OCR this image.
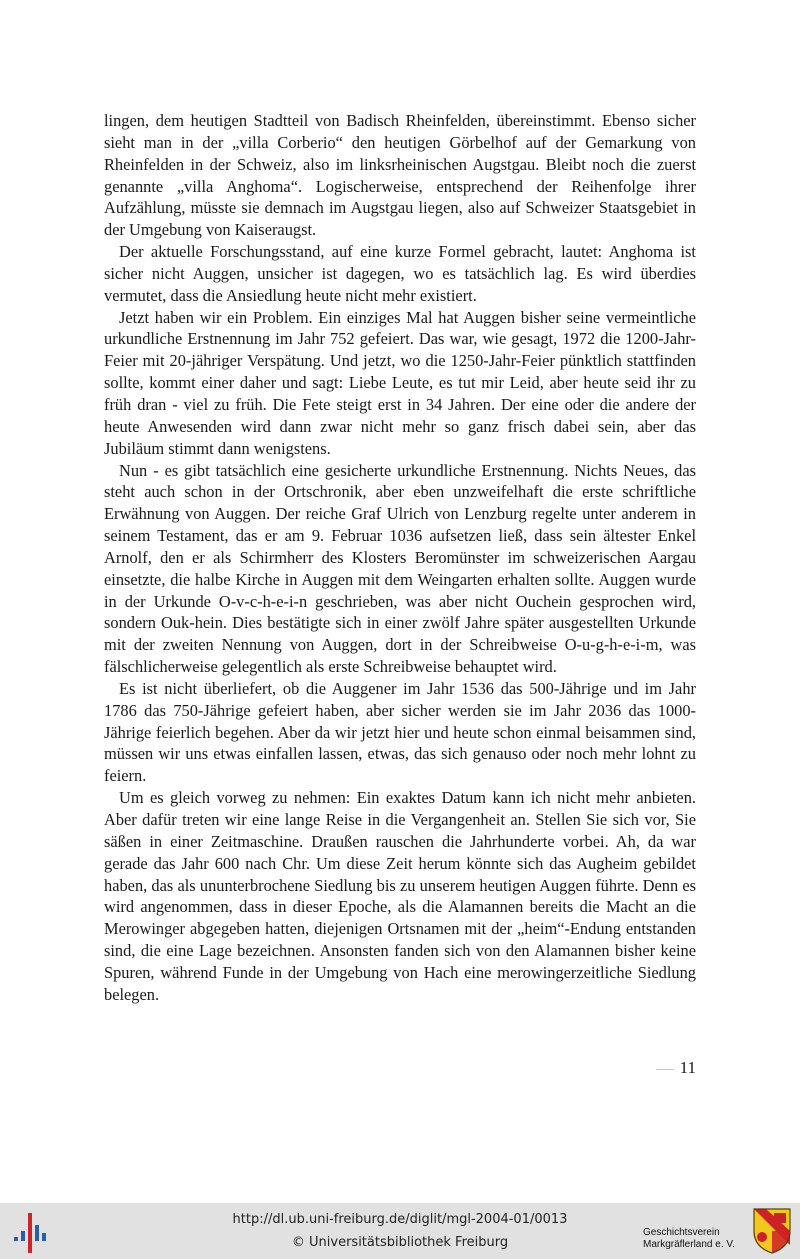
lingen, dem heutigen Stadtteil von Badisch Rheinfelden, übereinstimmt. Ebenso sicher sieht man in der „villa Corberio“ den heutigen Görbelhof auf der Gemarkung von Rheinfelden in der Schweiz, also im linksrheinischen Augstgau. Bleibt noch die zuerst genannte „villa Anghoma“. Logischerweise, entsprechend der Reihenfolge ihrer Aufzählung, müsste sie demnach im Augstgau liegen, also auf Schweizer Staatsgebiet in der Umgebung von Kaiseraugst.

Der aktuelle Forschungsstand, auf eine kurze Formel gebracht, lautet: Anghoma ist sicher nicht Auggen, unsicher ist dagegen, wo es tatsächlich lag. Es wird überdies vermutet, dass die Ansiedlung heute nicht mehr existiert.

Jetzt haben wir ein Problem. Ein einziges Mal hat Auggen bisher seine vermeintliche urkundliche Erstnennung im Jahr 752 gefeiert. Das war, wie gesagt, 1972 die 1200-Jahr-Feier mit 20-jähriger Verspätung. Und jetzt, wo die 1250-Jahr-Feier pünktlich stattfinden sollte, kommt einer daher und sagt: Liebe Leute, es tut mir Leid, aber heute seid ihr zu früh dran - viel zu früh. Die Fete steigt erst in 34 Jahren. Der eine oder die andere der heute Anwesenden wird dann zwar nicht mehr so ganz frisch dabei sein, aber das Jubiläum stimmt dann wenigstens.

Nun - es gibt tatsächlich eine gesicherte urkundliche Erstnennung. Nichts Neues, das steht auch schon in der Ortschronik, aber eben unzweifelhaft die erste schriftliche Erwähnung von Auggen. Der reiche Graf Ulrich von Lenzburg regelte unter anderem in seinem Testament, das er am 9. Februar 1036 aufsetzen ließ, dass sein ältester Enkel Arnolf, den er als Schirmherr des Klosters Beromünster im schweizerischen Aargau einsetzte, die halbe Kirche in Auggen mit dem Weingarten erhalten sollte. Auggen wurde in der Urkunde O-v-c-h-e-i-n geschrieben, was aber nicht Ouchein gesprochen wird, sondern Ouk-hein. Dies bestätigte sich in einer zwölf Jahre später ausgestellten Urkunde mit der zweiten Nennung von Auggen, dort in der Schreibweise O-u-g-h-e-i-m, was fälschlicherweise gelegentlich als erste Schreibweise behauptet wird.

Es ist nicht überliefert, ob die Auggener im Jahr 1536 das 500-Jährige und im Jahr 1786 das 750-Jährige gefeiert haben, aber sicher werden sie im Jahr 2036 das 1000-Jährige feierlich begehen. Aber da wir jetzt hier und heute schon einmal beisammen sind, müssen wir uns etwas einfallen lassen, etwas, das sich genauso oder noch mehr lohnt zu feiern.

Um es gleich vorweg zu nehmen: Ein exaktes Datum kann ich nicht mehr anbieten. Aber dafür treten wir eine lange Reise in die Vergangenheit an. Stellen Sie sich vor, Sie säßen in einer Zeitmaschine. Draußen rauschen die Jahrhunderte vorbei. Ah, da war gerade das Jahr 600 nach Chr. Um diese Zeit herum könnte sich das Augheim gebildet haben, das als ununterbrochene Siedlung bis zu unserem heutigen Auggen führte. Denn es wird angenommen, dass in dieser Epoche, als die Alamannen bereits die Macht an die Merowinger abgegeben hatten, diejenigen Ortsnamen mit der „heim“-Endung entstanden sind, die eine Lage bezeichnen. Ansonsten fanden sich von den Alamannen bisher keine Spuren, während Funde in der Umgebung von Hach eine merowingerzeitliche Siedlung belegen.

11
http://dl.ub.uni-freiburg.de/diglit/mgl-2004-01/0013
© Universitätsbibliothek Freiburg
Geschichtsverein
Markgräflerland e. V.
